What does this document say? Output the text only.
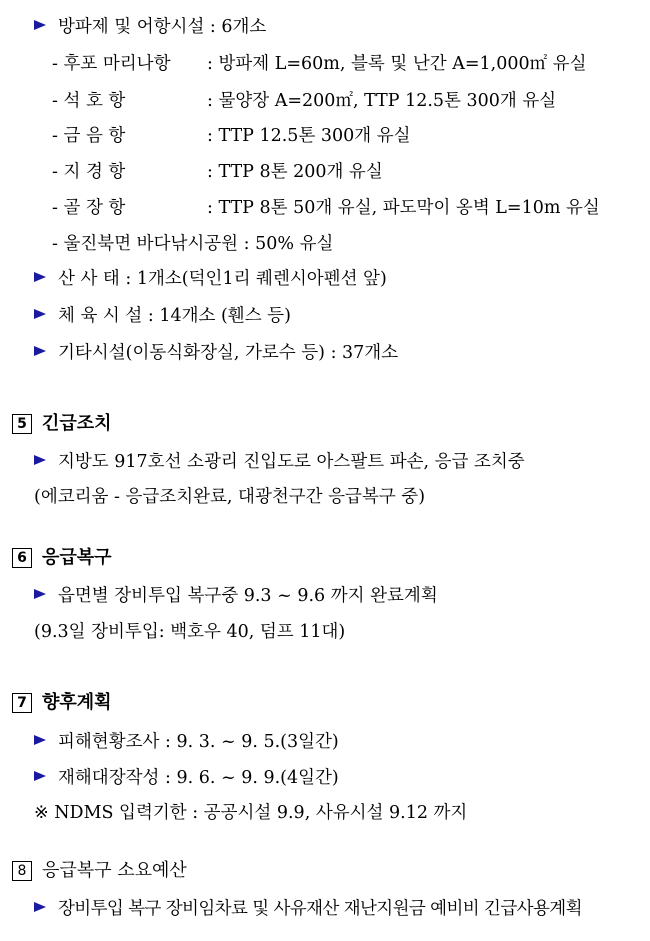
방파제 및 어항시설 : 6개소
- 후포 마리나항 : 방파제 L=60m, 블록 및 난간 A=1,000㎡ 유실
- 석 호 항	: 물양장 A=200㎡, TTP 12.5톤 300개 유실
- 금 음 항	: TTP 12.5톤 300개 유실
- 지 경 항	: TTP 8톤 200개 유실
- 골 장 항	: TTP 8톤 50개 유실, 파도막이 옹벽 L=10m 유실
- 울진북면 바다낚시공원 : 50% 유실
산 사 태 : 1개소(덕인1리 퀘렌시아펜션 앞)
체 육 시 설 : 14개소 (휀스 등)
기타시설(이동식화장실, 가로수 등) : 37개소
5 긴급조치
지방도 917호선 소광리 진입도로 아스팔트 파손, 응급 조치중
(에코리움 - 응급조치완료, 대광천구간 응급복구 중)
6 응급복구
읍면별 장비투입 복구중 9.3 ~ 9.6 까지 완료계획
(9.3일 장비투입: 백호우 40, 덤프 11대)
7 향후계획
피해현황조사 : 9. 3. ~ 9. 5.(3일간)
재해대장작성 : 9. 6. ~ 9. 9.(4일간)
※ NDMS 입력기한 : 공공시설 9.9, 사유시설 9.12 까지
8 응급복구 소요예산
장비투입 복구 장비임차료 및 사유재산 재난지원금 예비비 긴급사용계획
